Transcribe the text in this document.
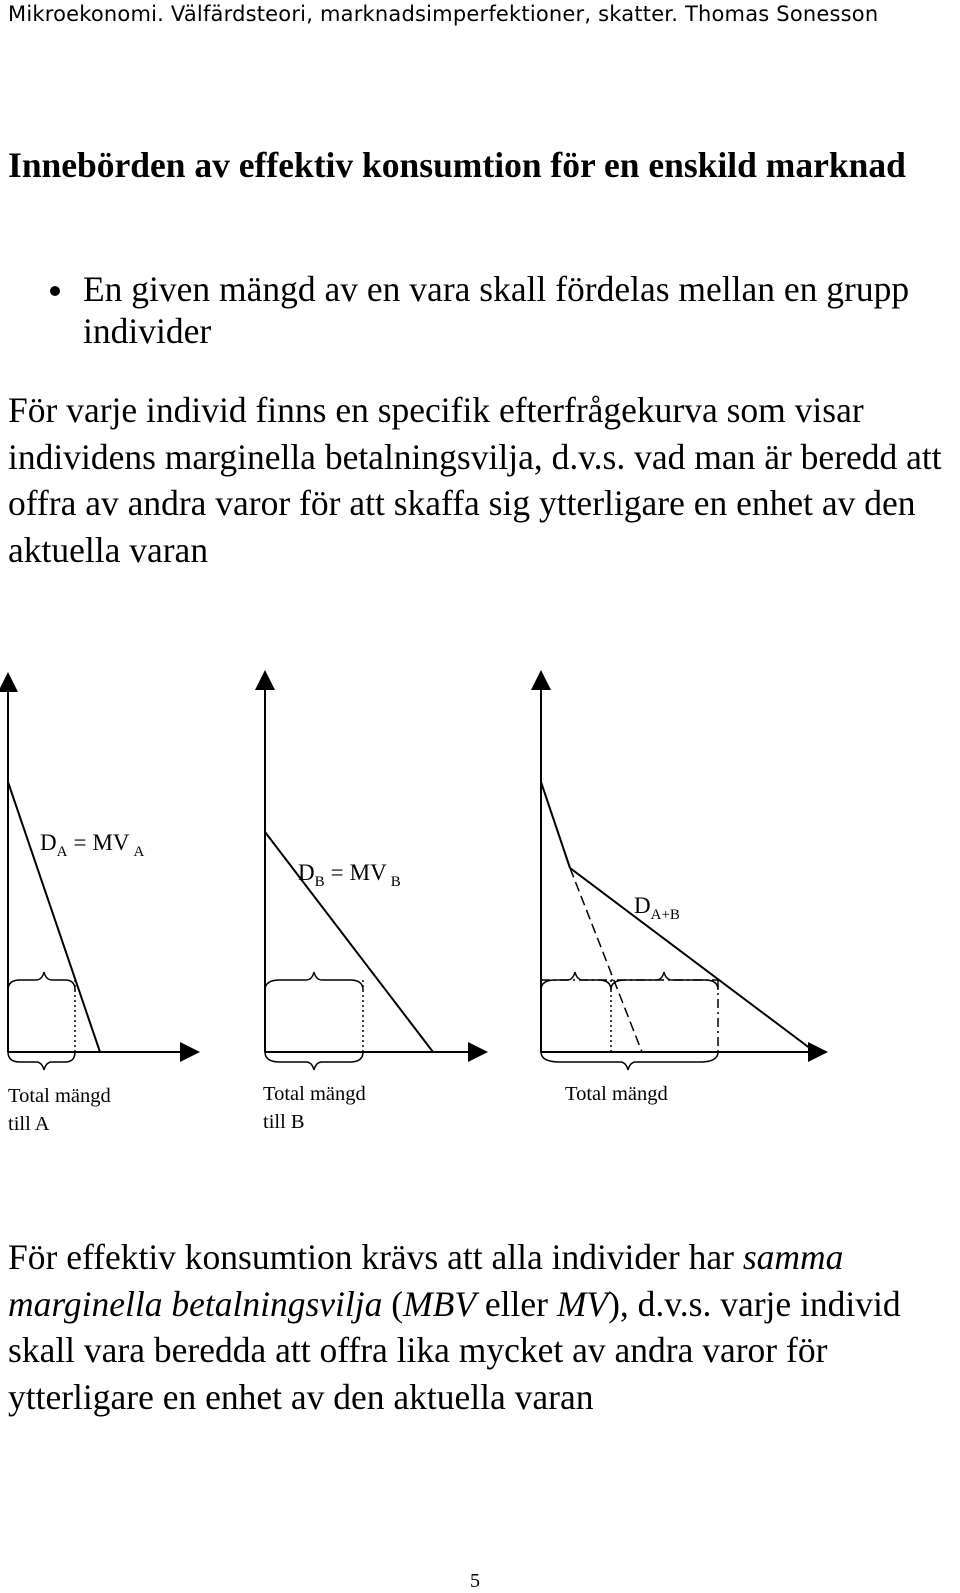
Mikroekonomi. Välfärdsteori, marknadsimperfektioner, skatter. Thomas Sonesson
Innebörden av effektiv konsumtion för en enskild marknad
En given mängd av en vara skall fördelas mellan en grupp individer
För varje individ finns en specifik efterfrågekurva som visar individens marginella betalningsvilja, d.v.s. vad man är beredd att offra av andra varor för att skaffa sig ytterligare en enhet av den aktuella varan
$D_A$ = MV $_A$
Total mängd
till A
$D_B$ = MV $_B$
Total mängd
till B
$D_{A+B}$
Total mängd
För effektiv konsumtion krävs att alla individer har samma marginella betalningsvilja (MBV eller MV), d.v.s. varje individ skall vara beredda att offra lika mycket av andra varor för ytterligare en enhet av den aktuella varan
5
